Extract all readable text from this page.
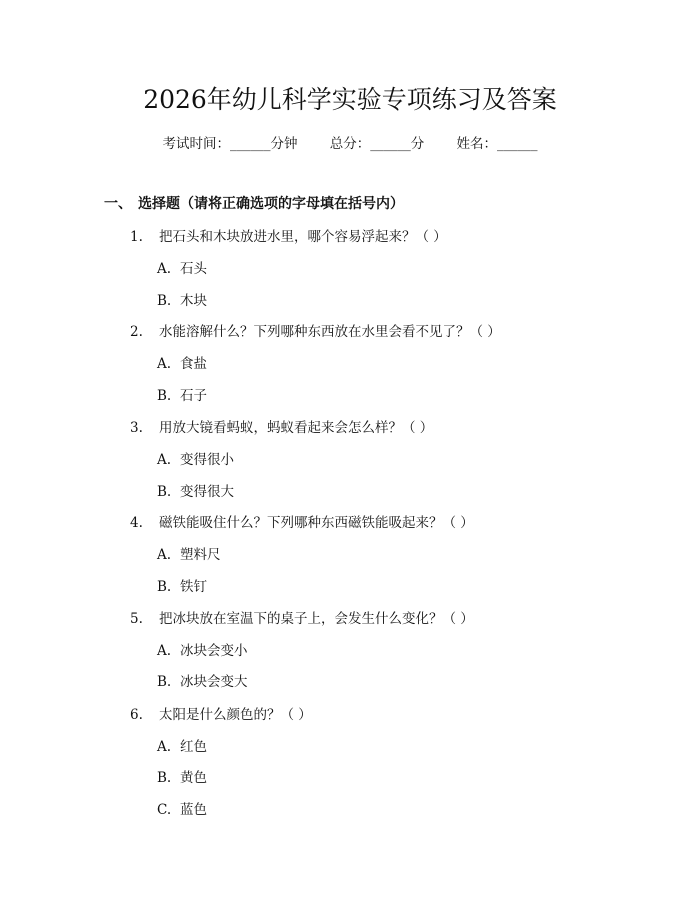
2026年幼儿科学实验专项练习及答案
考试时间：______分钟 总分：______分 姓名：______
一、 选择题（请将正确选项的字母填在括号内）
1. 把石头和木块放进水里，哪个容易浮起来？（ ）
A. 石头
B. 木块
2. 水能溶解什么？下列哪种东西放在水里会看不见了？（ ）
A. 食盐
B. 石子
3. 用放大镜看蚂蚁，蚂蚁看起来会怎么样？（ ）
A. 变得很小
B. 变得很大
4. 磁铁能吸住什么？下列哪种东西磁铁能吸起来？（ ）
A. 塑料尺
B. 铁钉
5. 把冰块放在室温下的桌子上，会发生什么变化？（ ）
A. 冰块会变小
B. 冰块会变大
6. 太阳是什么颜色的？（ ）
A. 红色
B. 黄色
C. 蓝色
